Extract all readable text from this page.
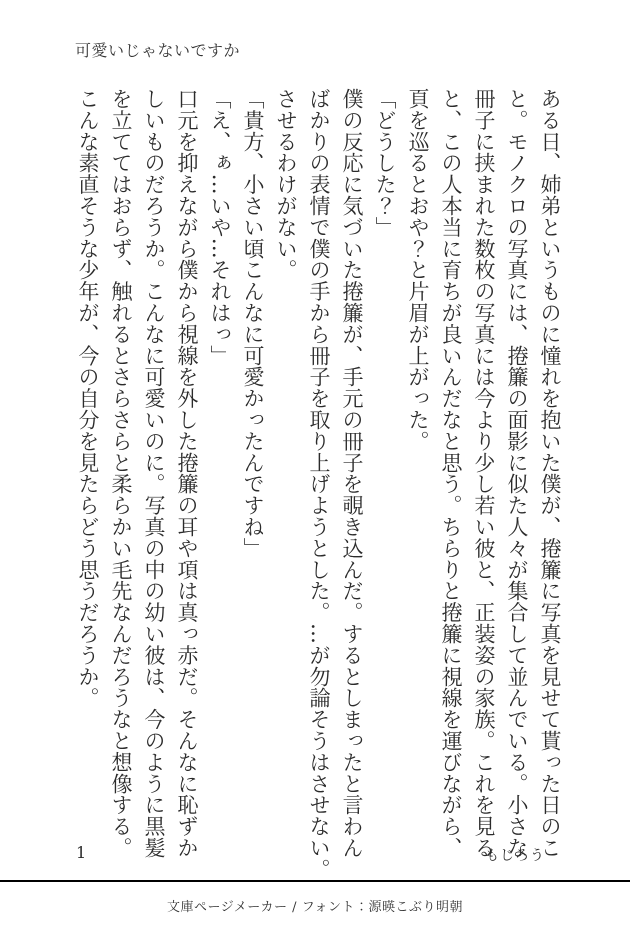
可愛いじゃないですか
ある日、姉弟というものに憧れを抱いた僕が、捲簾に写真を見せて貰った日のこ
と。モノクロの写真には、捲簾の面影に似た人々が集合して並んでいる。小さな
冊子に挟まれた数枚の写真には今より少し若い彼と、正装姿の家族。これを見る
と、この人本当に育ちが良いんだなと思う。ちらりと捲簾に視線を運びながら、
頁を巡るとおや？と片眉が上がった。
「どうした？」
僕の反応に気づいた捲簾が、手元の冊子を覗き込んだ。するとしまったと言わん
ばかりの表情で僕の手から冊子を取り上げようとした。…が勿論そうはさせない。
させるわけがない。
「貴方、小さい頃こんなに可愛かったんですね」
「え、ぁ…いや…それはっ」
口元を抑えながら僕から視線を外した捲簾の耳や項は真っ赤だ。そんなに恥ずか
しいものだろうか。こんなに可愛いのに。写真の中の幼い彼は、今のように黒髪
を立ててはおらず、触れるとさらさらと柔らかい毛先なんだろうなと想像する。
こんな素直そうな少年が、今の自分を見たらどう思うだろうか。
1	もじろう
文庫ページメーカー / フォント：源暎こぶり明朝
